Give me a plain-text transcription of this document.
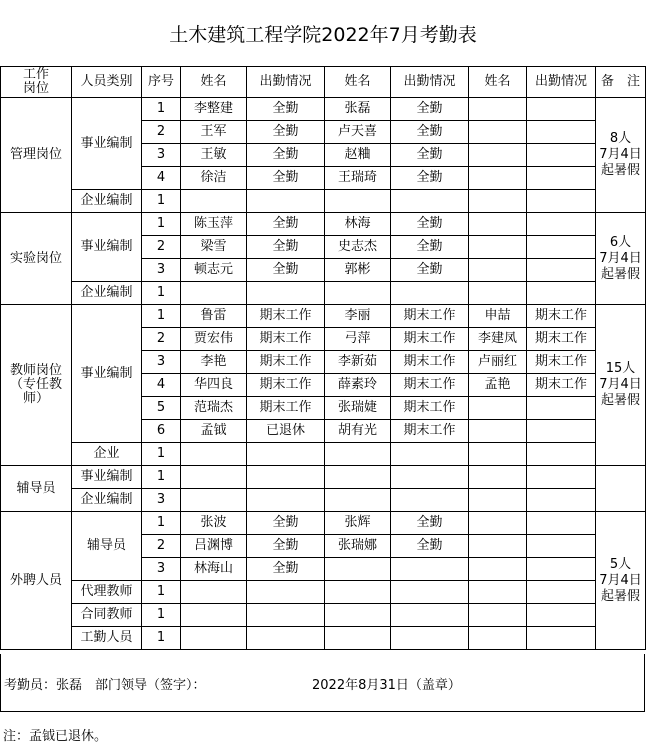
土木建筑工程学院2022年7月考勤表
工作
岗位	人员类别	序号	姓名	出勤情况	姓名	出勤情况	姓名	出勤情况	备　注
管理岗位	事业编制	1	李整建	全勤	张磊	全勤			8人
7月4日
起暑假
		2	王军	全勤	卢天喜	全勤			
		3	王敏	全勤	赵粬	全勤			
		4	徐洁	全勤	王瑞琦	全勤			
	企业编制	1							
实验岗位	事业编制	1	陈玉萍	全勤	林海	全勤			6人
7月4日
起暑假
		2	梁雪	全勤	史志杰	全勤			
		3	顿志元	全勤	郭彬	全勤			
	企业编制	1							
教师岗位
（专任教
师）	事业编制	1	鲁雷	期末工作	李丽	期末工作	申喆	期末工作	15人
7月4日
起暑假
		2	贾宏伟	期末工作	弓萍	期末工作	李建凤	期末工作	
		3	李艳	期末工作	李新茹	期末工作	卢丽红	期末工作	
		4	华四良	期末工作	薛素玲	期末工作	孟艳	期末工作	
		5	范瑞杰	期末工作	张瑞婕	期末工作			
		6	孟钺	已退休	胡有光	期末工作			
	企业	1							
辅导员	事业编制	1							
	企业编制	3							
外聘人员	辅导员	1	张波	全勤	张辉	全勤			5人
7月4日
起暑假
		2	吕渊博	全勤	张瑞娜	全勤			
		3	林海山	全勤					
	代理教师	1							
	合同教师	1							
	工勤人员	1							
考勤员：张磊　部门领导（签字）：	2022年8月31日（盖章）
注：孟钺已退休。
